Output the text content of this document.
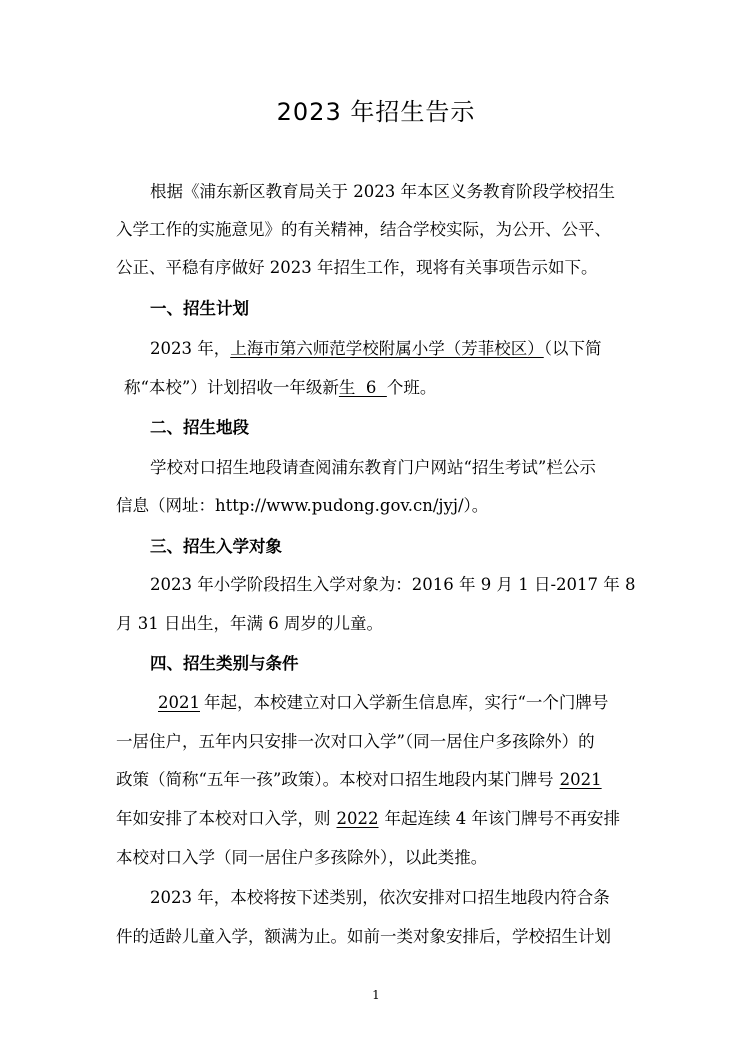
2023 年招生告示
根据《浦东新区教育局关于 2023 年本区义务教育阶段学校招生
入学工作的实施意见》的有关精神，结合学校实际，为公开、公平、
公正、平稳有序做好 2023 年招生工作，现将有关事项告示如下。
一、招生计划
2023 年，上海市第六师范学校附属小学（芳菲校区）（以下简
称“本校”）计划招收一年级新生  6  个班。
二、招生地段
学校对口招生地段请查阅浦东教育门户网站“招生考试”栏公示
信息（网址：http://www.pudong.gov.cn/jyj/）。
三、招生入学对象
2023 年小学阶段招生入学对象为：2016 年 9 月 1 日-2017 年 8
月 31 日出生，年满 6 周岁的儿童。
四、招生类别与条件
2021 年起，本校建立对口入学新生信息库，实行“一个门牌号
一居住户，五年内只安排一次对口入学”（同一居住户多孩除外）的
政策（简称“五年一孩”政策）。本校对口招生地段内某门牌号 2021
年如安排了本校对口入学，则 2022 年起连续 4 年该门牌号不再安排
本校对口入学（同一居住户多孩除外），以此类推。
2023 年，本校将按下述类别，依次安排对口招生地段内符合条
件的适龄儿童入学，额满为止。如前一类对象安排后，学校招生计划
1
